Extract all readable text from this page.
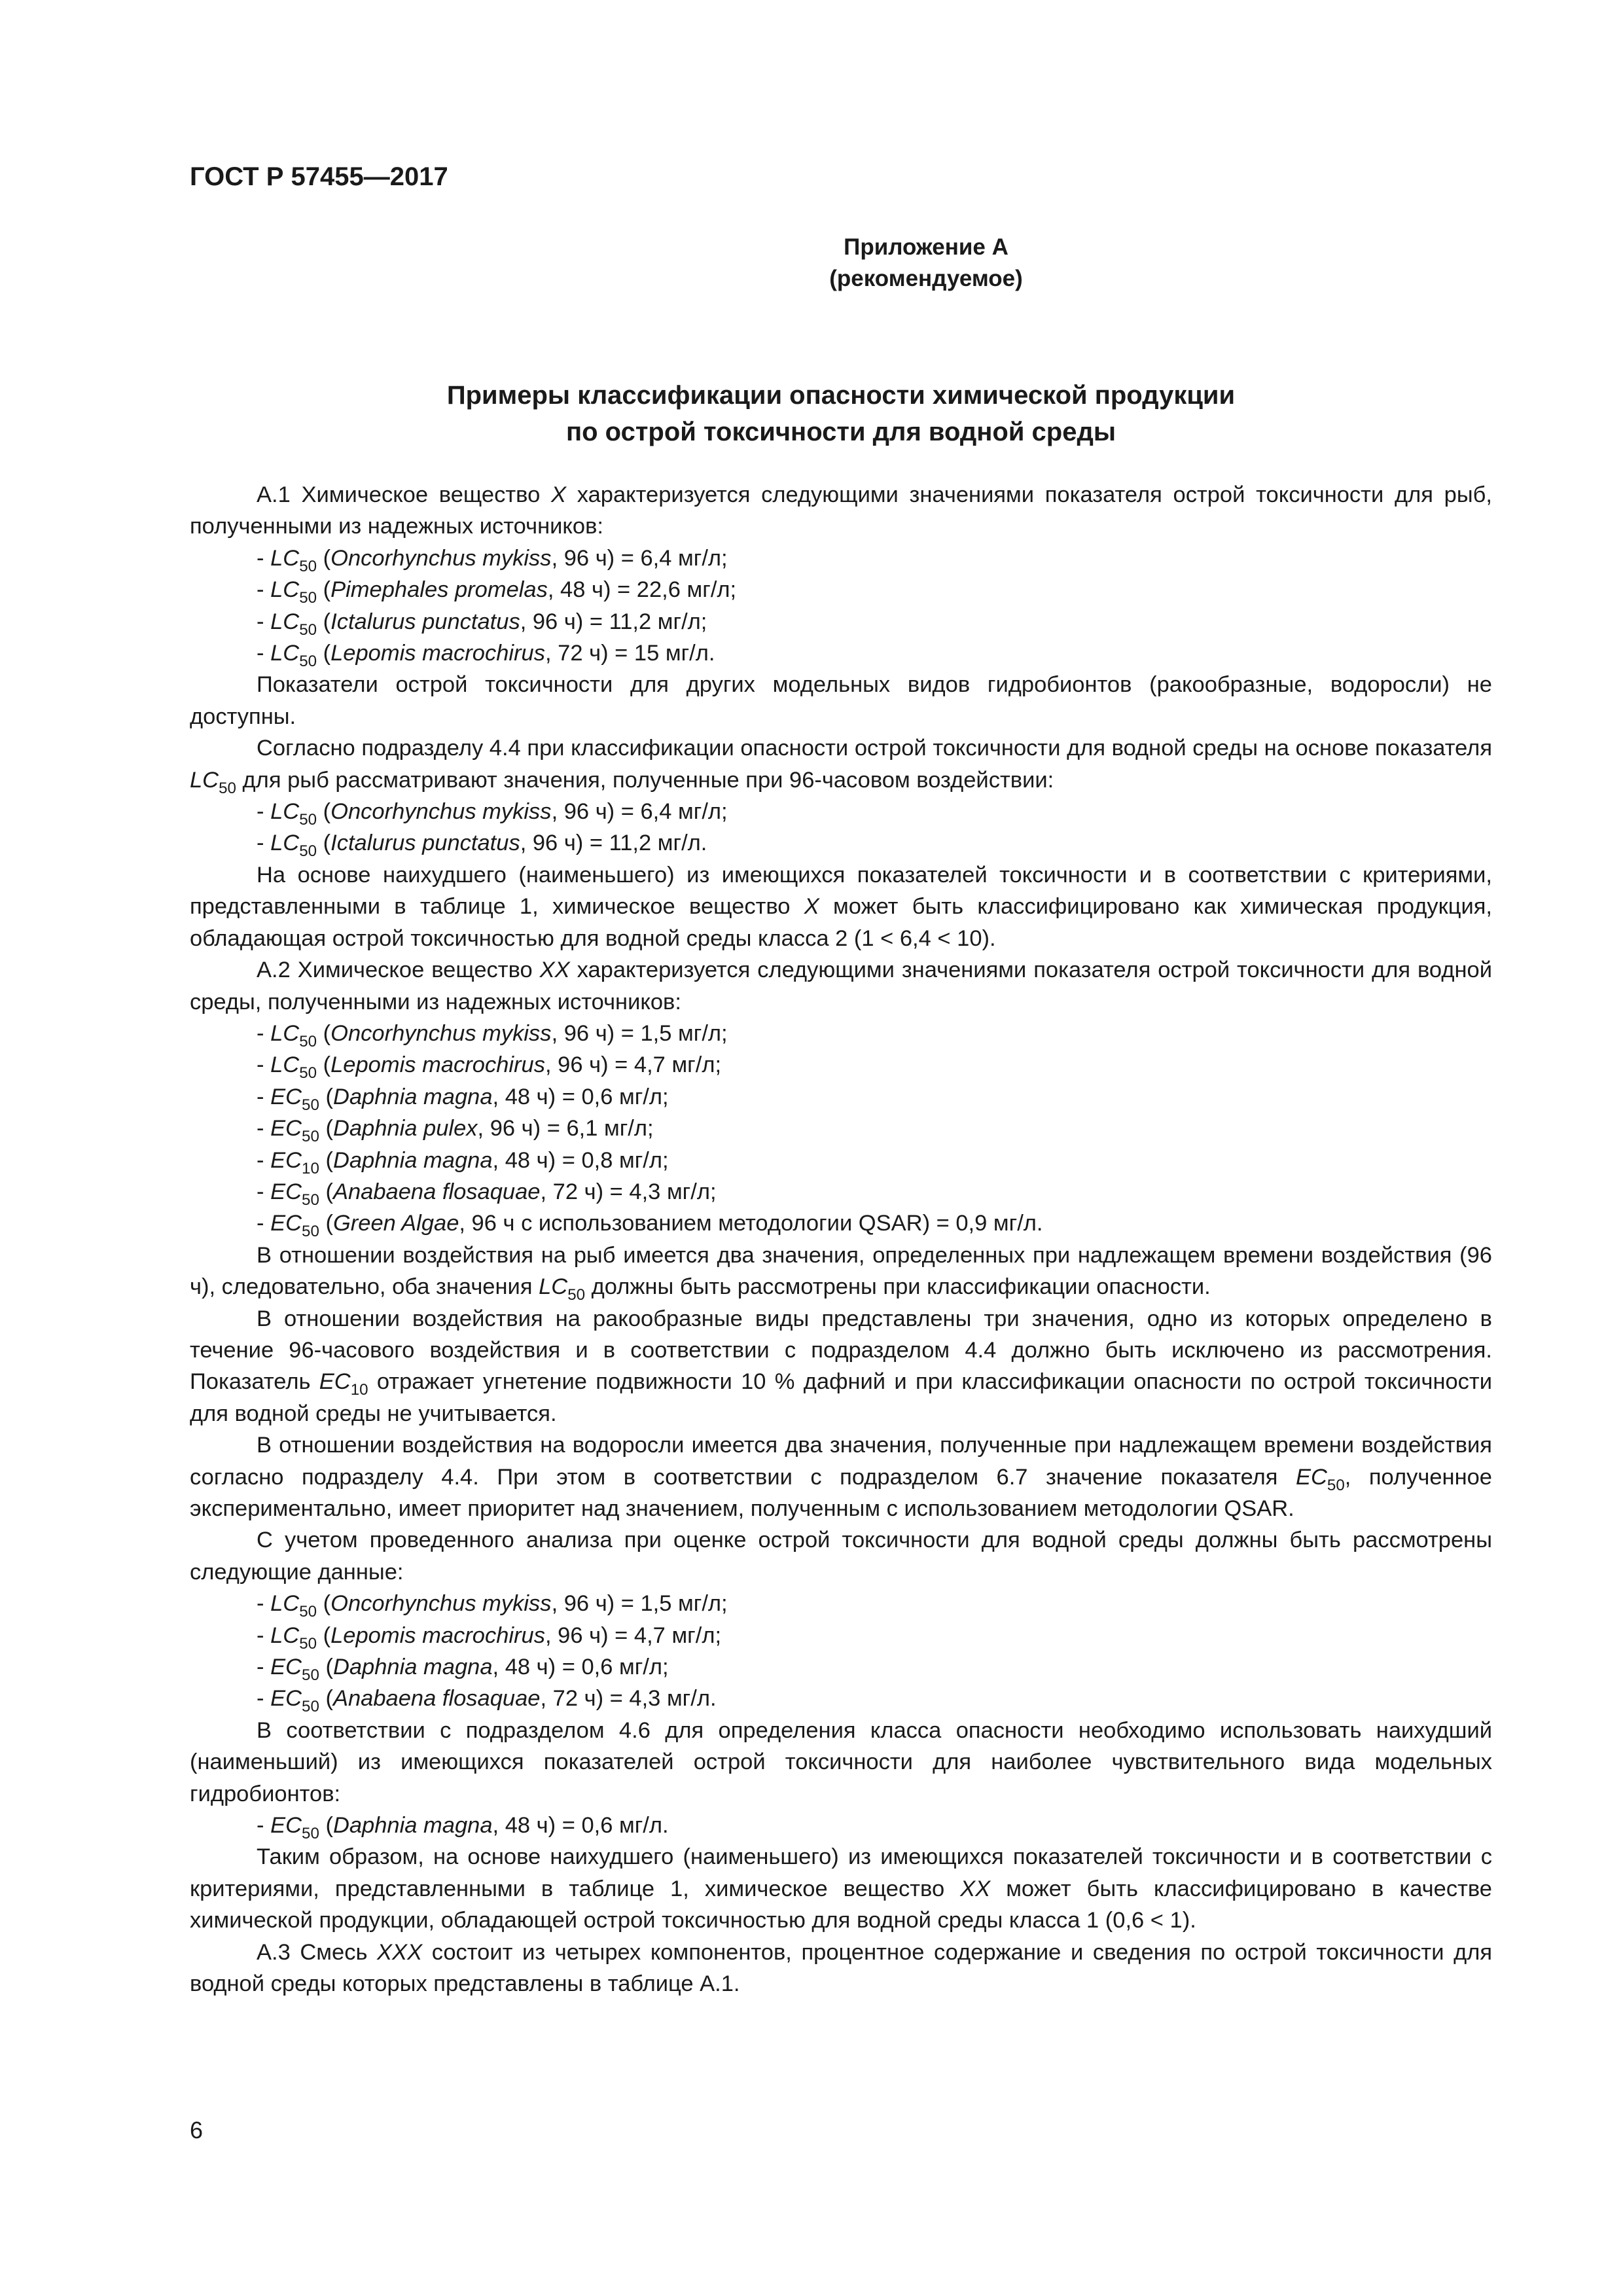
ГОСТ Р 57455—2017
Приложение А
(рекомендуемое)
Примеры классификации опасности химической продукции
по острой токсичности для водной среды

А.1 Химическое вещество X характеризуется следующими значениями показателя острой токсичности для рыб, полученными из надежных источников:

- $LC_{50}$ (Oncorhynchus mykiss, 96 ч) = 6,4 мг/л;

- $LC_{50}$ (Pimephales promelas, 48 ч) = 22,6 мг/л;

- $LC_{50}$ (Ictalurus punctatus, 96 ч) = 11,2 мг/л;

- $LC_{50}$ (Lepomis macrochirus, 72 ч) = 15 мг/л.

Показатели острой токсичности для других модельных видов гидробионтов (ракообразные, водоросли) не доступны.

Согласно подразделу 4.4 при классификации опасности острой токсичности для водной среды на основе показателя $LC_{50}$ для рыб рассматривают значения, полученные при 96-часовом воздействии:

- $LC_{50}$ (Oncorhynchus mykiss, 96 ч) = 6,4 мг/л;

- $LC_{50}$ (Ictalurus punctatus, 96 ч) = 11,2 мг/л.

На основе наихудшего (наименьшего) из имеющихся показателей токсичности и в соответствии с критериями, представленными в таблице 1, химическое вещество X может быть классифицировано как химическая продукция, обладающая острой токсичностью для водной среды класса 2 (1 < 6,4 < 10).

А.2 Химическое вещество XX характеризуется следующими значениями показателя острой токсичности для водной среды, полученными из надежных источников:

- $LC_{50}$ (Oncorhynchus mykiss, 96 ч) = 1,5 мг/л;

- $LC_{50}$ (Lepomis macrochirus, 96 ч) = 4,7 мг/л;

- $EC_{50}$ (Daphnia magna, 48 ч) = 0,6 мг/л;

- $EC_{50}$ (Daphnia pulex, 96 ч) = 6,1 мг/л;

- $EC_{10}$ (Daphnia magna, 48 ч) = 0,8 мг/л;

- $EC_{50}$ (Anabaena flosaquae, 72 ч) = 4,3 мг/л;

- $EC_{50}$ (Green Algae, 96 ч с использованием методологии QSAR) = 0,9 мг/л.

В отношении воздействия на рыб имеется два значения, определенных при надлежащем времени воздействия (96 ч), следовательно, оба значения $LC_{50}$ должны быть рассмотрены при классификации опасности.

В отношении воздействия на ракообразные виды представлены три значения, одно из которых определено в течение 96-часового воздействия и в соответствии с подразделом 4.4 должно быть исключено из рассмотрения. Показатель $EC_{10}$ отражает угнетение подвижности 10 % дафний и при классификации опасности по острой токсичности для водной среды не учитывается.

В отношении воздействия на водоросли имеется два значения, полученные при надлежащем времени воздействия согласно подразделу 4.4. При этом в соответствии с подразделом 6.7 значение показателя $EC_{50}$, полученное экспериментально, имеет приоритет над значением, полученным с использованием методологии QSAR.

С учетом проведенного анализа при оценке острой токсичности для водной среды должны быть рассмотрены следующие данные:

- $LC_{50}$ (Oncorhynchus mykiss, 96 ч) = 1,5 мг/л;

- $LC_{50}$ (Lepomis macrochirus, 96 ч) = 4,7 мг/л;

- $EC_{50}$ (Daphnia magna, 48 ч) = 0,6 мг/л;

- $EC_{50}$ (Anabaena flosaquae, 72 ч) = 4,3 мг/л.

В соответствии с подразделом 4.6 для определения класса опасности необходимо использовать наихудший (наименьший) из имеющихся показателей острой токсичности для наиболее чувствительного вида модельных гидробионтов:

- $EC_{50}$ (Daphnia magna, 48 ч) = 0,6 мг/л.

Таким образом, на основе наихудшего (наименьшего) из имеющихся показателей токсичности и в соответствии с критериями, представленными в таблице 1, химическое вещество XX может быть классифицировано в качестве химической продукции, обладающей острой токсичностью для водной среды класса 1 (0,6 < 1).

А.3 Смесь XXX состоит из четырех компонентов, процентное содержание и сведения по острой токсичности для водной среды которых представлены в таблице А.1.

6
